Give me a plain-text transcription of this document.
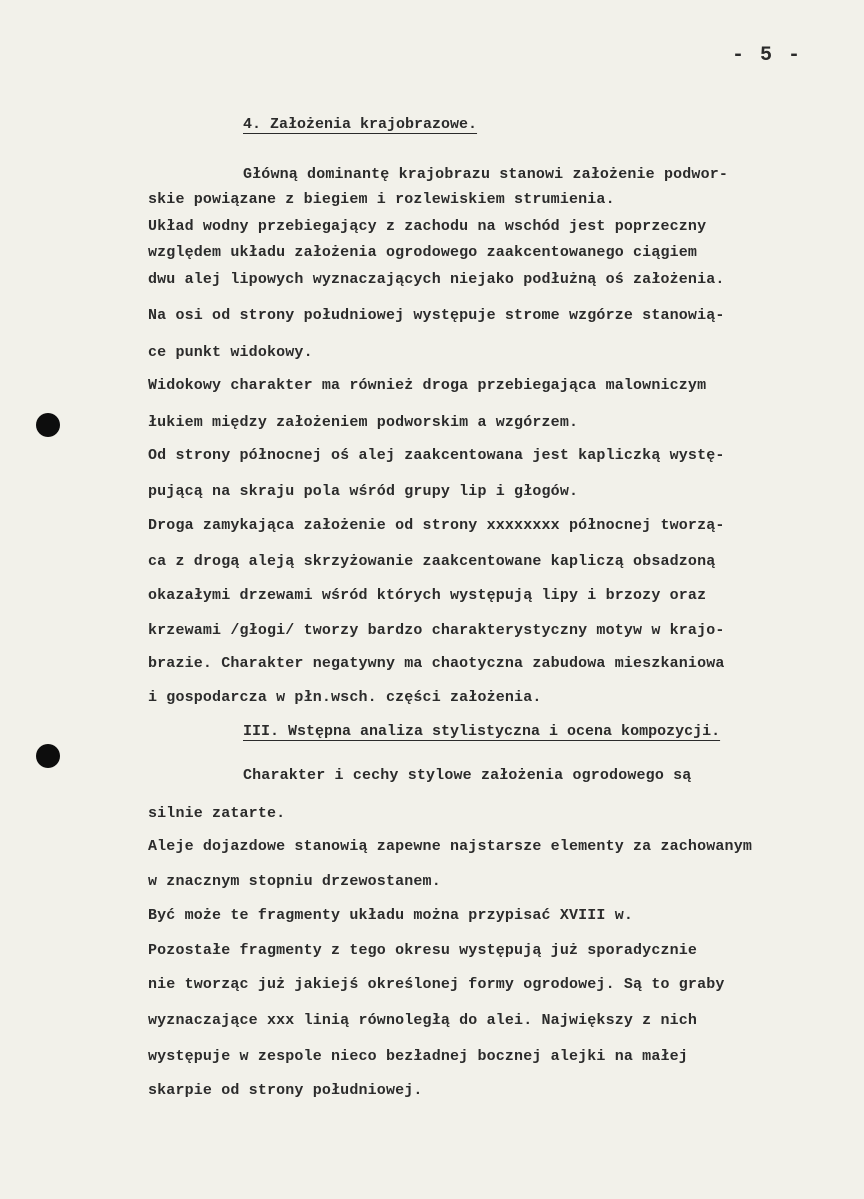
- 5 -
4. Założenia krajobrazowe.
Główną dominantę krajobrazu stanowi założenie podwor-
skie powiązane z biegiem i rozlewiskiem strumienia.
Układ wodny przebiegający z zachodu na wschód jest poprzeczny
względem układu założenia ogrodowego zaakcentowanego ciągiem
dwu alej lipowych wyznaczających niejako podłużną oś założenia.
Na osi od strony południowej występuje strome wzgórze stanowią-
ce punkt widokowy.
Widokowy charakter ma również droga przebiegająca malowniczym
łukiem między założeniem podworskim a wzgórzem.
Od strony północnej oś alej zaakcentowana jest kapliczką wystę-
pującą na skraju pola wśród grupy lip i głogów.
Droga zamykająca założenie od strony xxxxxxxx północnej tworzą-
ca z drogą aleją skrzyżowanie zaakcentowane kapliczą obsadzoną
okazałymi drzewami wśród których występują lipy i brzozy oraz
krzewami /głogi/ tworzy bardzo charakterystyczny motyw w krajo-
brazie. Charakter negatywny ma chaotyczna zabudowa mieszkaniowa
i gospodarcza w płn.wsch. części założenia.
III. Wstępna analiza stylistyczna i ocena kompozycji.
Charakter i cechy stylowe założenia ogrodowego są
silnie zatarte.
Aleje dojazdowe stanowią zapewne najstarsze elementy za zachowanym
w znacznym stopniu drzewostanem.
Być może te fragmenty układu można przypisać XVIII w.
Pozostałe fragmenty z tego okresu występują już sporadycznie
nie tworząc już jakiejś określonej formy ogrodowej. Są to graby
wyznaczające xxx linią równoległą do alei. Największy z nich
występuje w zespole nieco bezładnej bocznej alejki na małej
skarpie od strony południowej.
